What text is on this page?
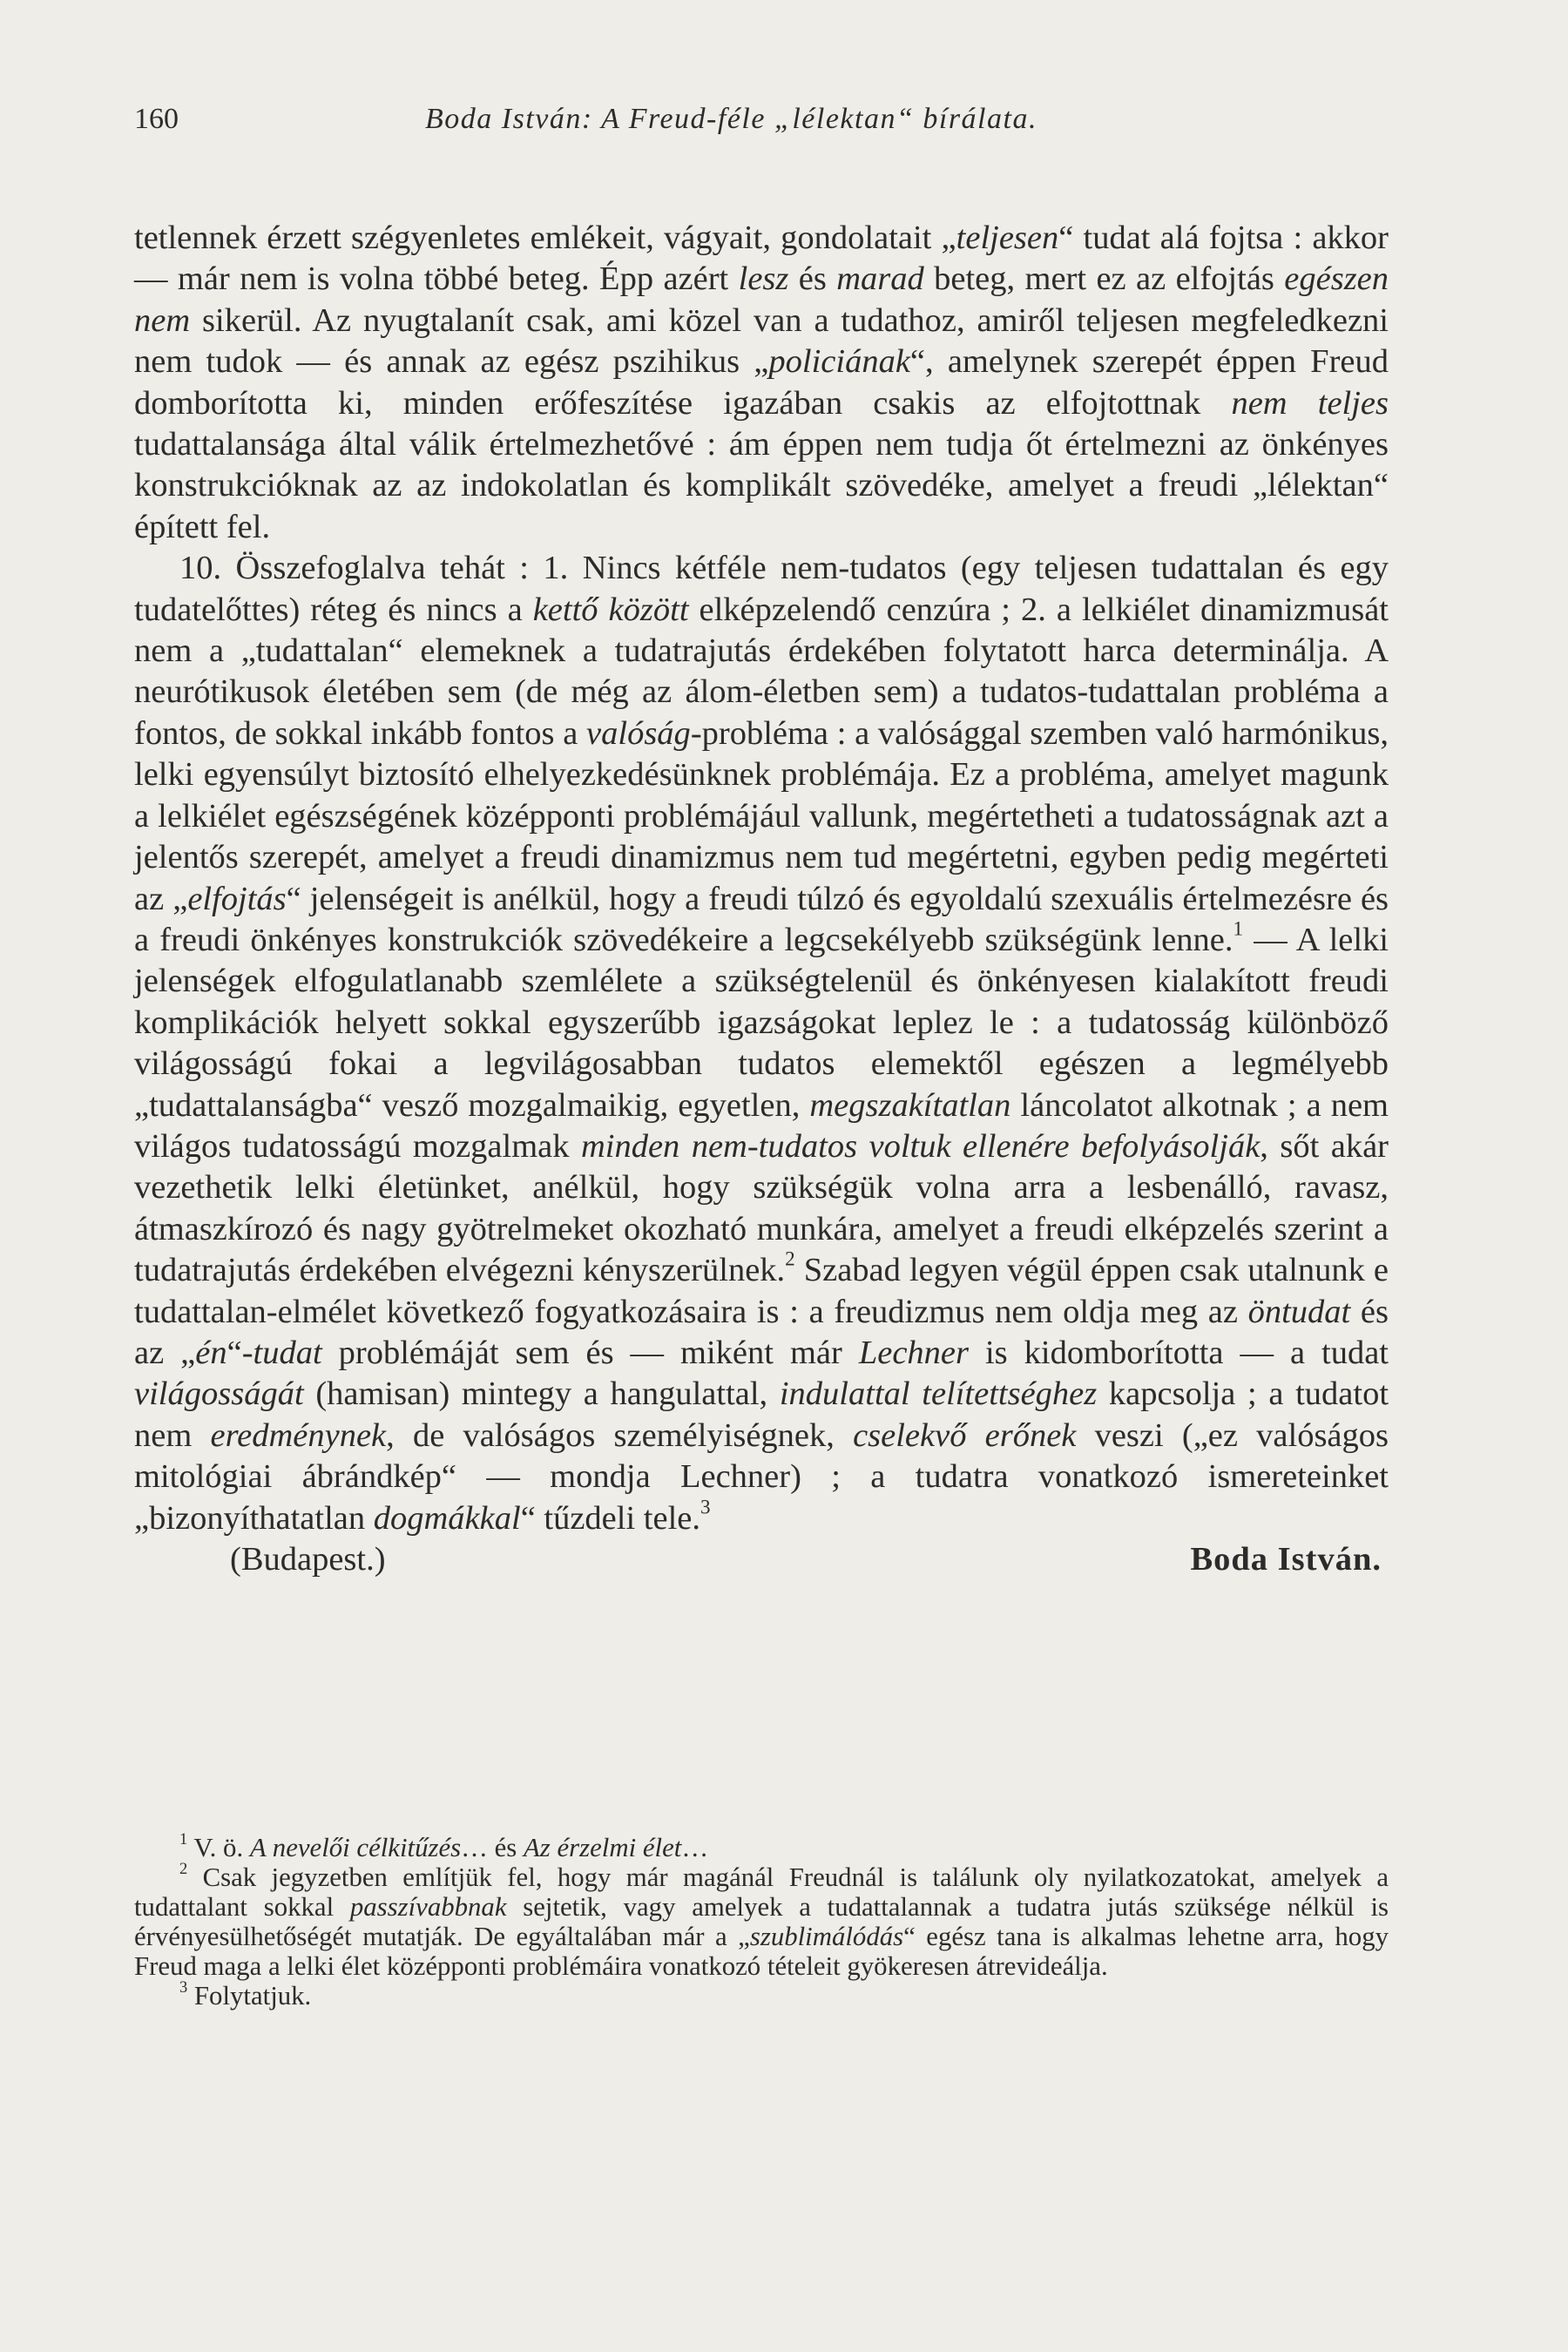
160	Boda István: A Freud-féle „lélektan“ bírálata.

tetlennek érzett szégyenletes emlékeit, vágyait, gondolatait „teljesen“ tudat alá fojtsa : akkor — már nem is volna többé beteg. Épp azért lesz és marad beteg, mert ez az elfojtás egészen nem sikerül. Az nyugtalanít csak, ami közel van a tudathoz, amiről teljesen megfeledkezni nem tudok — és annak az egész pszihikus „policiának“, amelynek szerepét éppen Freud domborította ki, minden erőfeszítése igazában csakis az elfojtottnak nem teljes tudattalansága által válik értelmezhetővé : ám éppen nem tudja őt értelmezni az önkényes konstrukcióknak az az indokolatlan és komplikált szövedéke, amelyet a freudi „lélektan“ épített fel.

10. Összefoglalva tehát : 1. Nincs kétféle nem-tudatos (egy teljesen tudattalan és egy tudatelőttes) réteg és nincs a kettő között elképzelendő cenzúra ; 2. a lelkiélet dinamizmusát nem a „tudattalan“ elemeknek a tudatrajutás érdekében folytatott harca determinálja. A neurótikusok életében sem (de még az álom-életben sem) a tudatos-tudattalan probléma a fontos, de sokkal inkább fontos a valóság-probléma : a valósággal szemben való harmónikus, lelki egyensúlyt biztosító elhelyezkedésünknek problémája. Ez a probléma, amelyet magunk a lelkiélet egészségének középponti problémájául vallunk, megértetheti a tudatosságnak azt a jelentős szerepét, amelyet a freudi dinamizmus nem tud megértetni, egyben pedig megérteti az „elfojtás“ jelenségeit is anélkül, hogy a freudi túlzó és egyoldalú szexuális értelmezésre és a freudi önkényes konstrukciók szövedékeire a legcsekélyebb szükségünk lenne.$^1$ — A lelki jelenségek elfogulatlanabb szemlélete a szükségtelenül és önkényesen kialakított freudi komplikációk helyett sokkal egyszerűbb igazságokat leplez le : a tudatosság különböző világosságú fokai a legvilágosabban tudatos elemektől egészen a legmélyebb „tudattalanságba“ vesző mozgalmaikig, egyetlen, megszakítatlan láncolatot alkotnak ; a nem világos tudatosságú mozgalmak minden nem-tudatos voltuk ellenére befolyásolják, sőt akár vezethetik lelki életünket, anélkül, hogy szükségük volna arra a lesbenálló, ravasz, átmaszkírozó és nagy gyötrelmeket okozható munkára, amelyet a freudi elképzelés szerint a tudatrajutás érdekében elvégezni kényszerülnek.$^2$ Szabad legyen végül éppen csak utalnunk e tudattalan-elmélet következő fogyatkozásaira is : a freudizmus nem oldja meg az öntudat és az „én“-tudat problémáját sem és — miként már Lechner is kidomborította — a tudat világosságát (hamisan) mintegy a hangulattal, indulattal telítettséghez kapcsolja ; a tudatot nem eredménynek, de valóságos személyiségnek, cselekvő erőnek veszi („ez valóságos mitológiai ábrándkép“ — mondja Lechner) ; a tudatra vonatkozó ismereteinket „bizonyíthatatlan dogmákkal“ tűzdeli tele.$^3$

(Budapest.)	Boda István.

$^1$ V. ö. A nevelői célkitűzés… és Az érzelmi élet…

$^2$ Csak jegyzetben említjük fel, hogy már magánál Freudnál is találunk oly nyilatkozatokat, amelyek a tudattalant sokkal passzívabbnak sejtetik, vagy amelyek a tudattalannak a tudatra jutás szüksége nélkül is érvényesülhetőségét mutatják. De egyáltalában már a „szublimálódás“ egész tana is alkalmas lehetne arra, hogy Freud maga a lelki élet középponti problémáira vonatkozó tételeit gyökeresen átrevideálja.

$^3$ Folytatjuk.
